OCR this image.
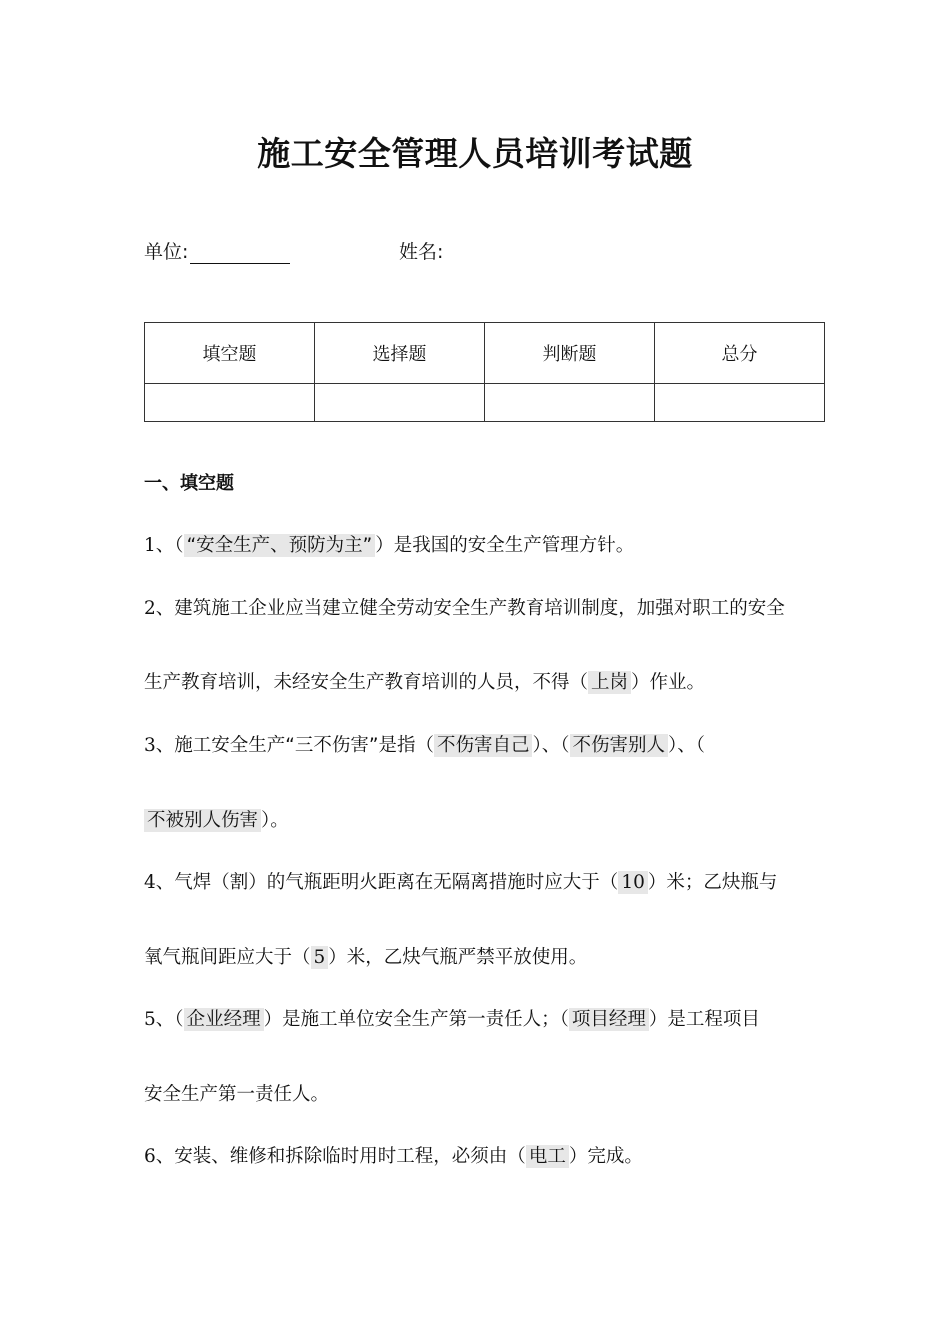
施工安全管理人员培训考试题
单位:	姓名:
填空题	选择题	判断题	总分

一、填空题
1、（ “安全生产、预防为主” ）是我国的安全生产管理方针。
2、建筑施工企业应当建立健全劳动安全生产教育培训制度，加强对职工的安全
生产教育培训，未经安全生产教育培训的人员，不得（ 上岗 ）作业。
3、施工安全生产“三不伤害”是指（ 不伤害自己 ）、（ 不伤害别人 ）、（
不被别人伤害 ）。
4、气焊（割）的气瓶距明火距离在无隔离措施时应大于（ 10 ）米；乙炔瓶与
氧气瓶间距应大于（ 5 ）米，乙炔气瓶严禁平放使用。
5、（ 企业经理 ）是施工单位安全生产第一责任人；（ 项目经理 ）是工程项目
安全生产第一责任人。
6、安装、维修和拆除临时用时工程，必须由（ 电工 ）完成。
